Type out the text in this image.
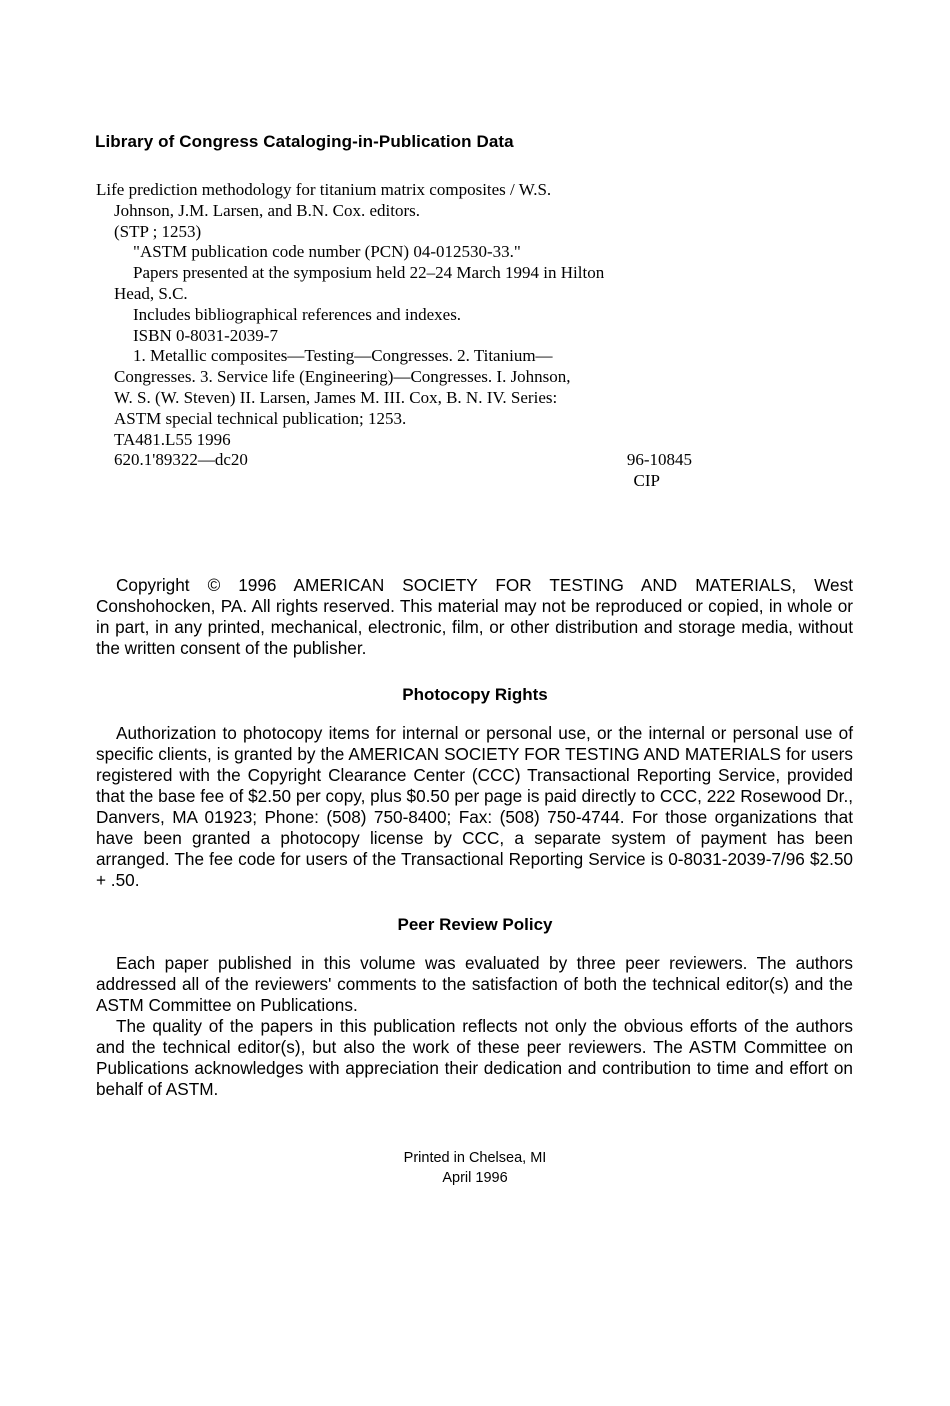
Library of Congress Cataloging-in-Publication Data
Life prediction methodology for titanium matrix composites / W.S.
Johnson, J.M. Larsen, and B.N. Cox. editors.
(STP ; 1253)
"ASTM publication code number (PCN) 04-012530-33."
Papers presented at the symposium held 22–24 March 1994 in Hilton
Head, S.C.
Includes bibliographical references and indexes.
ISBN 0-8031-2039-7
1. Metallic composites—Testing—Congresses. 2. Titanium—
Congresses. 3. Service life (Engineering)—Congresses. I. Johnson,
W. S. (W. Steven) II. Larsen, James M. III. Cox, B. N. IV. Series:
ASTM special technical publication; 1253.
TA481.L55 1996
620.1'89322—dc20	96-10845
CIP

Copyright © 1996 AMERICAN SOCIETY FOR TESTING AND MATERIALS, West Conshohocken, PA. All rights reserved. This material may not be reproduced or copied, in whole or in part, in any printed, mechanical, electronic, film, or other distribution and storage media, without the written consent of the publisher.

Photocopy Rights

Authorization to photocopy items for internal or personal use, or the internal or personal use of specific clients, is granted by the AMERICAN SOCIETY FOR TESTING AND MATERIALS for users registered with the Copyright Clearance Center (CCC) Transactional Reporting Service, provided that the base fee of $2.50 per copy, plus $0.50 per page is paid directly to CCC, 222 Rosewood Dr., Danvers, MA 01923; Phone: (508) 750-8400; Fax: (508) 750-4744. For those organizations that have been granted a photocopy license by CCC, a separate system of payment has been arranged. The fee code for users of the Transactional Reporting Service is 0-8031-2039-7/96 $2.50 + .50.

Peer Review Policy

Each paper published in this volume was evaluated by three peer reviewers. The authors addressed all of the reviewers' comments to the satisfaction of both the technical editor(s) and the ASTM Committee on Publications.

The quality of the papers in this publication reflects not only the obvious efforts of the authors and the technical editor(s), but also the work of these peer reviewers. The ASTM Committee on Publications acknowledges with appreciation their dedication and contribution to time and effort on behalf of ASTM.

Printed in Chelsea, MI
April 1996
